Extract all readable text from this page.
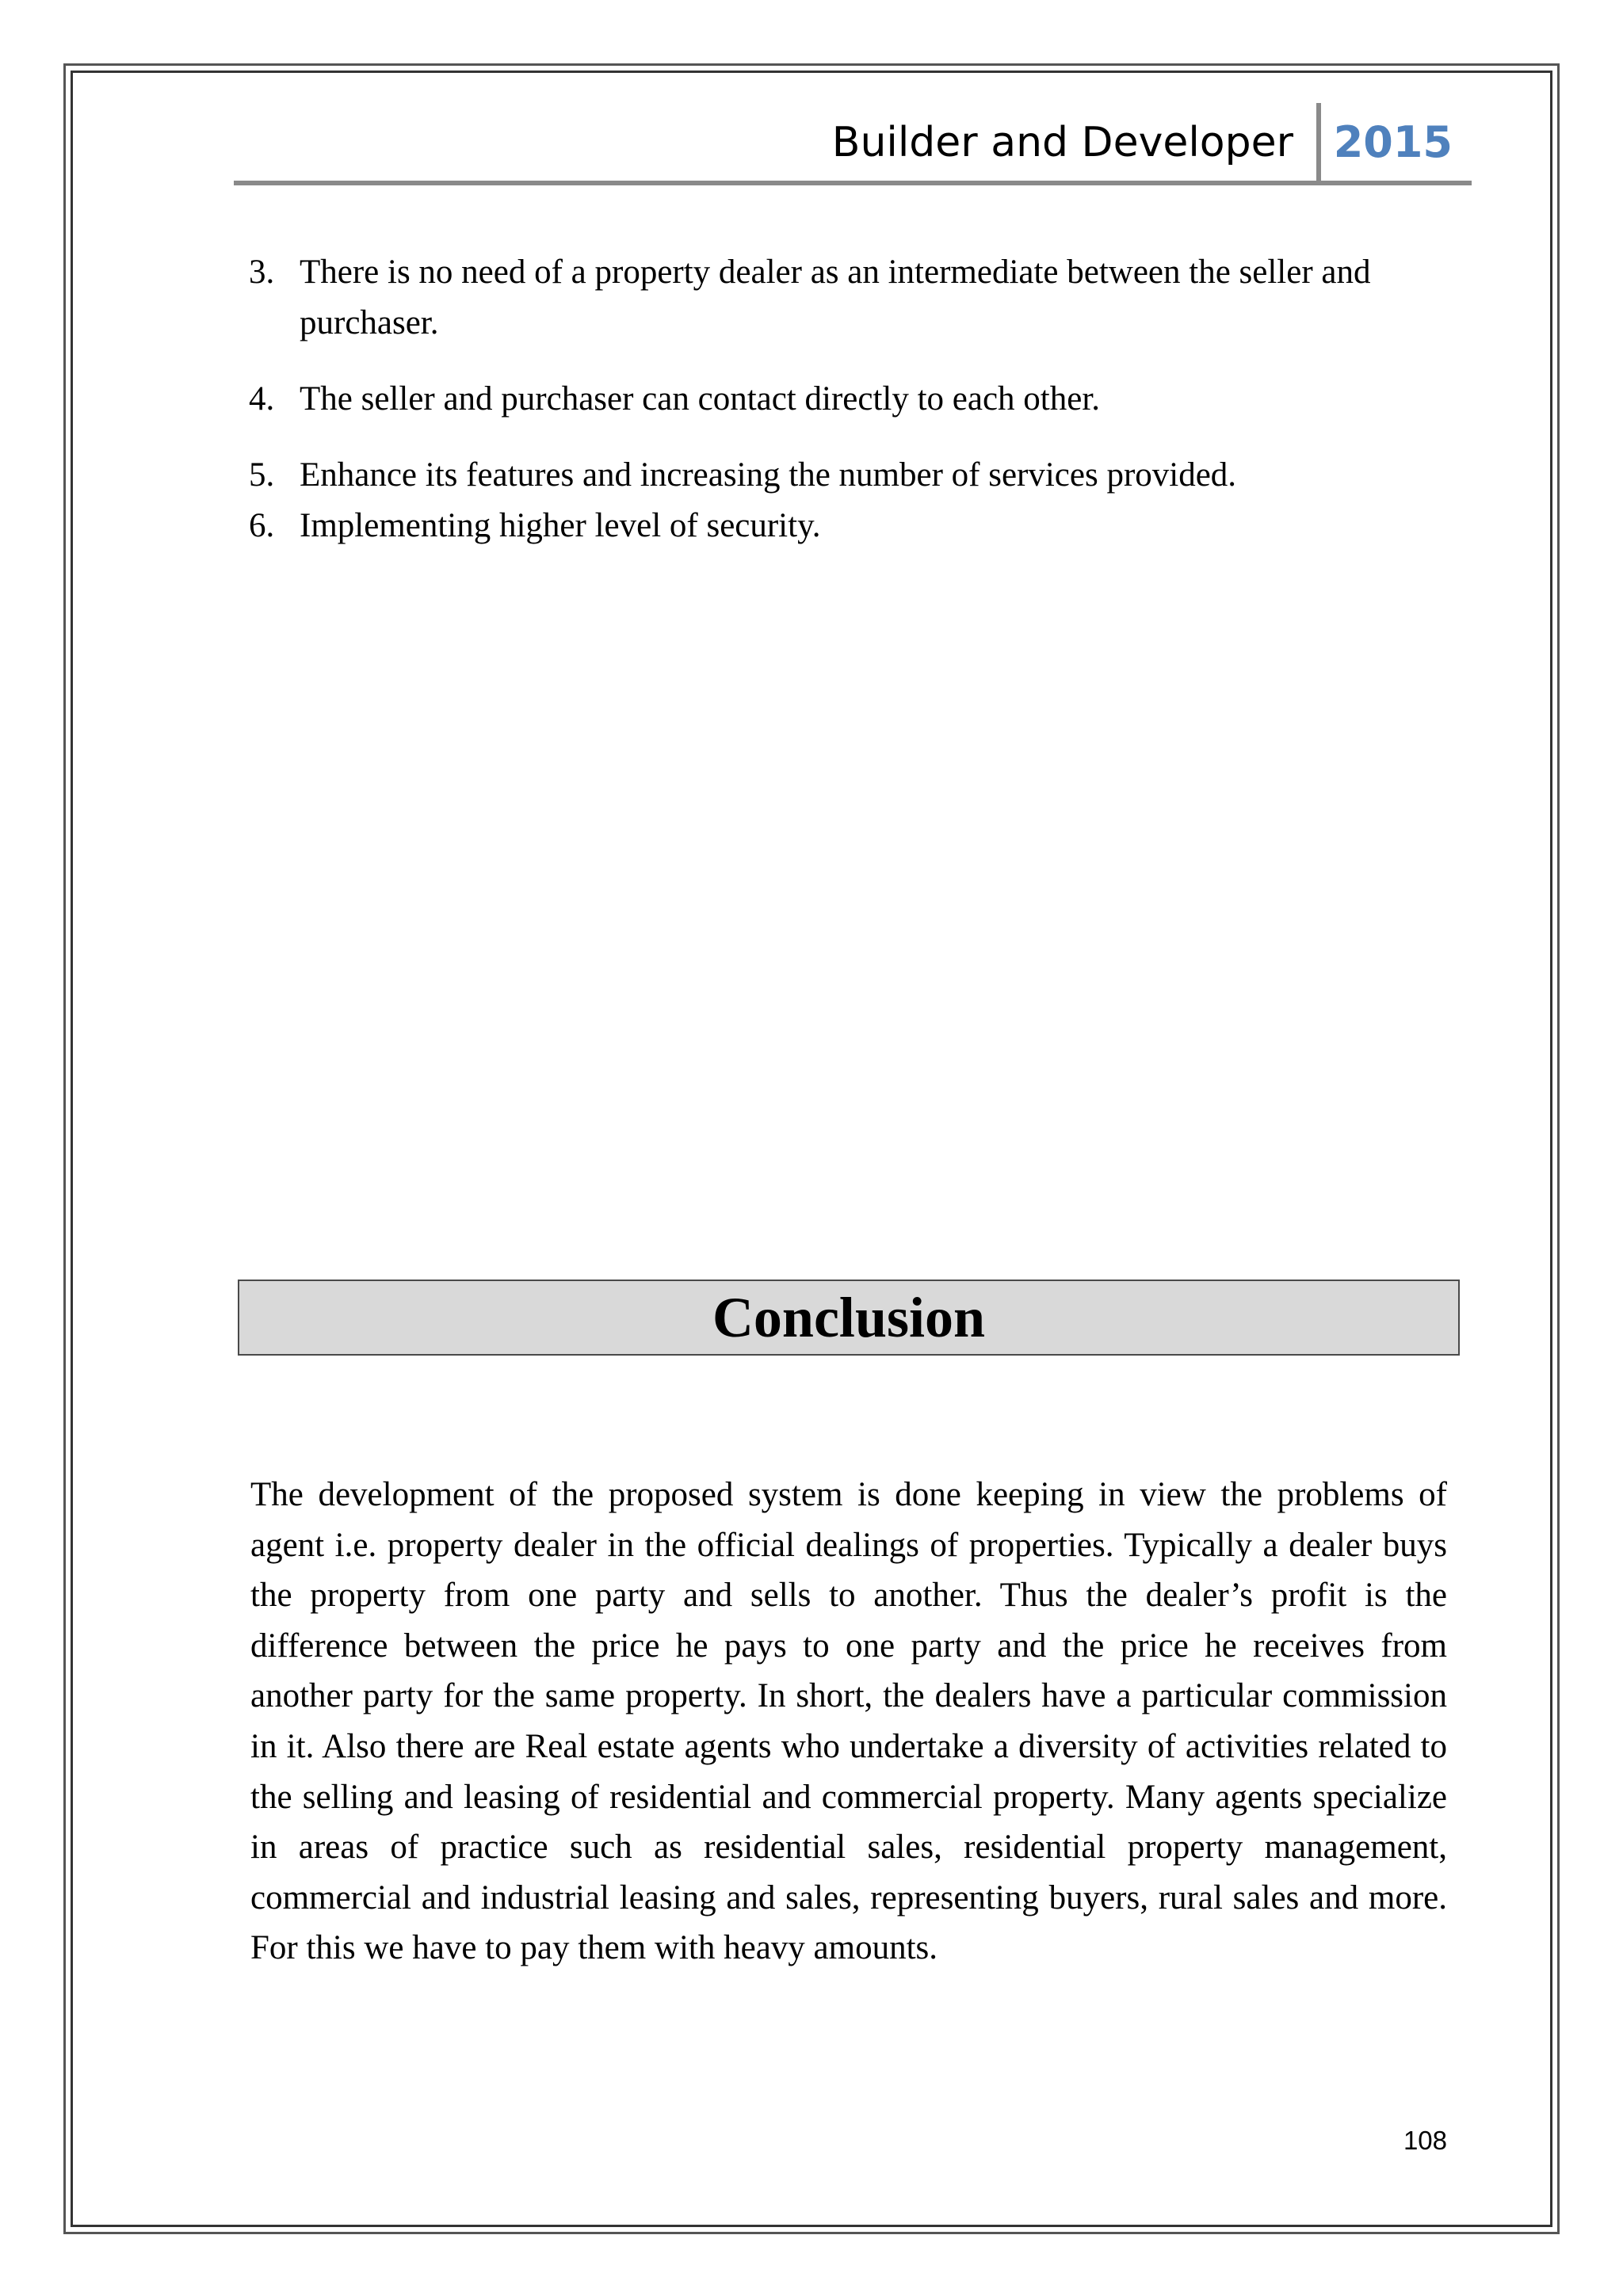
Builder and Developer 2015
3. There is no need of a property dealer as an intermediate between the seller and purchaser.
4. The seller and purchaser can contact directly to each other.
5. Enhance its features and increasing the number of services provided.
6. Implementing higher level of security.
Conclusion

The development of the proposed system is done keeping in view the problems of agent i.e. property dealer in the official dealings of properties. Typically a dealer buys the property from one party and sells to another. Thus the dealer’s profit is the difference between the price he pays to one party and the price he receives from another party for the same property. In short, the dealers have a particular commission in it. Also there are Real estate agents who undertake a diversity of activities related to the selling and leasing of residential and commercial property. Many agents specialize in areas of practice such as residential sales, residential property management, commercial and industrial leasing and sales, representing buyers, rural sales and more. For this we have to pay them with heavy amounts.

108
